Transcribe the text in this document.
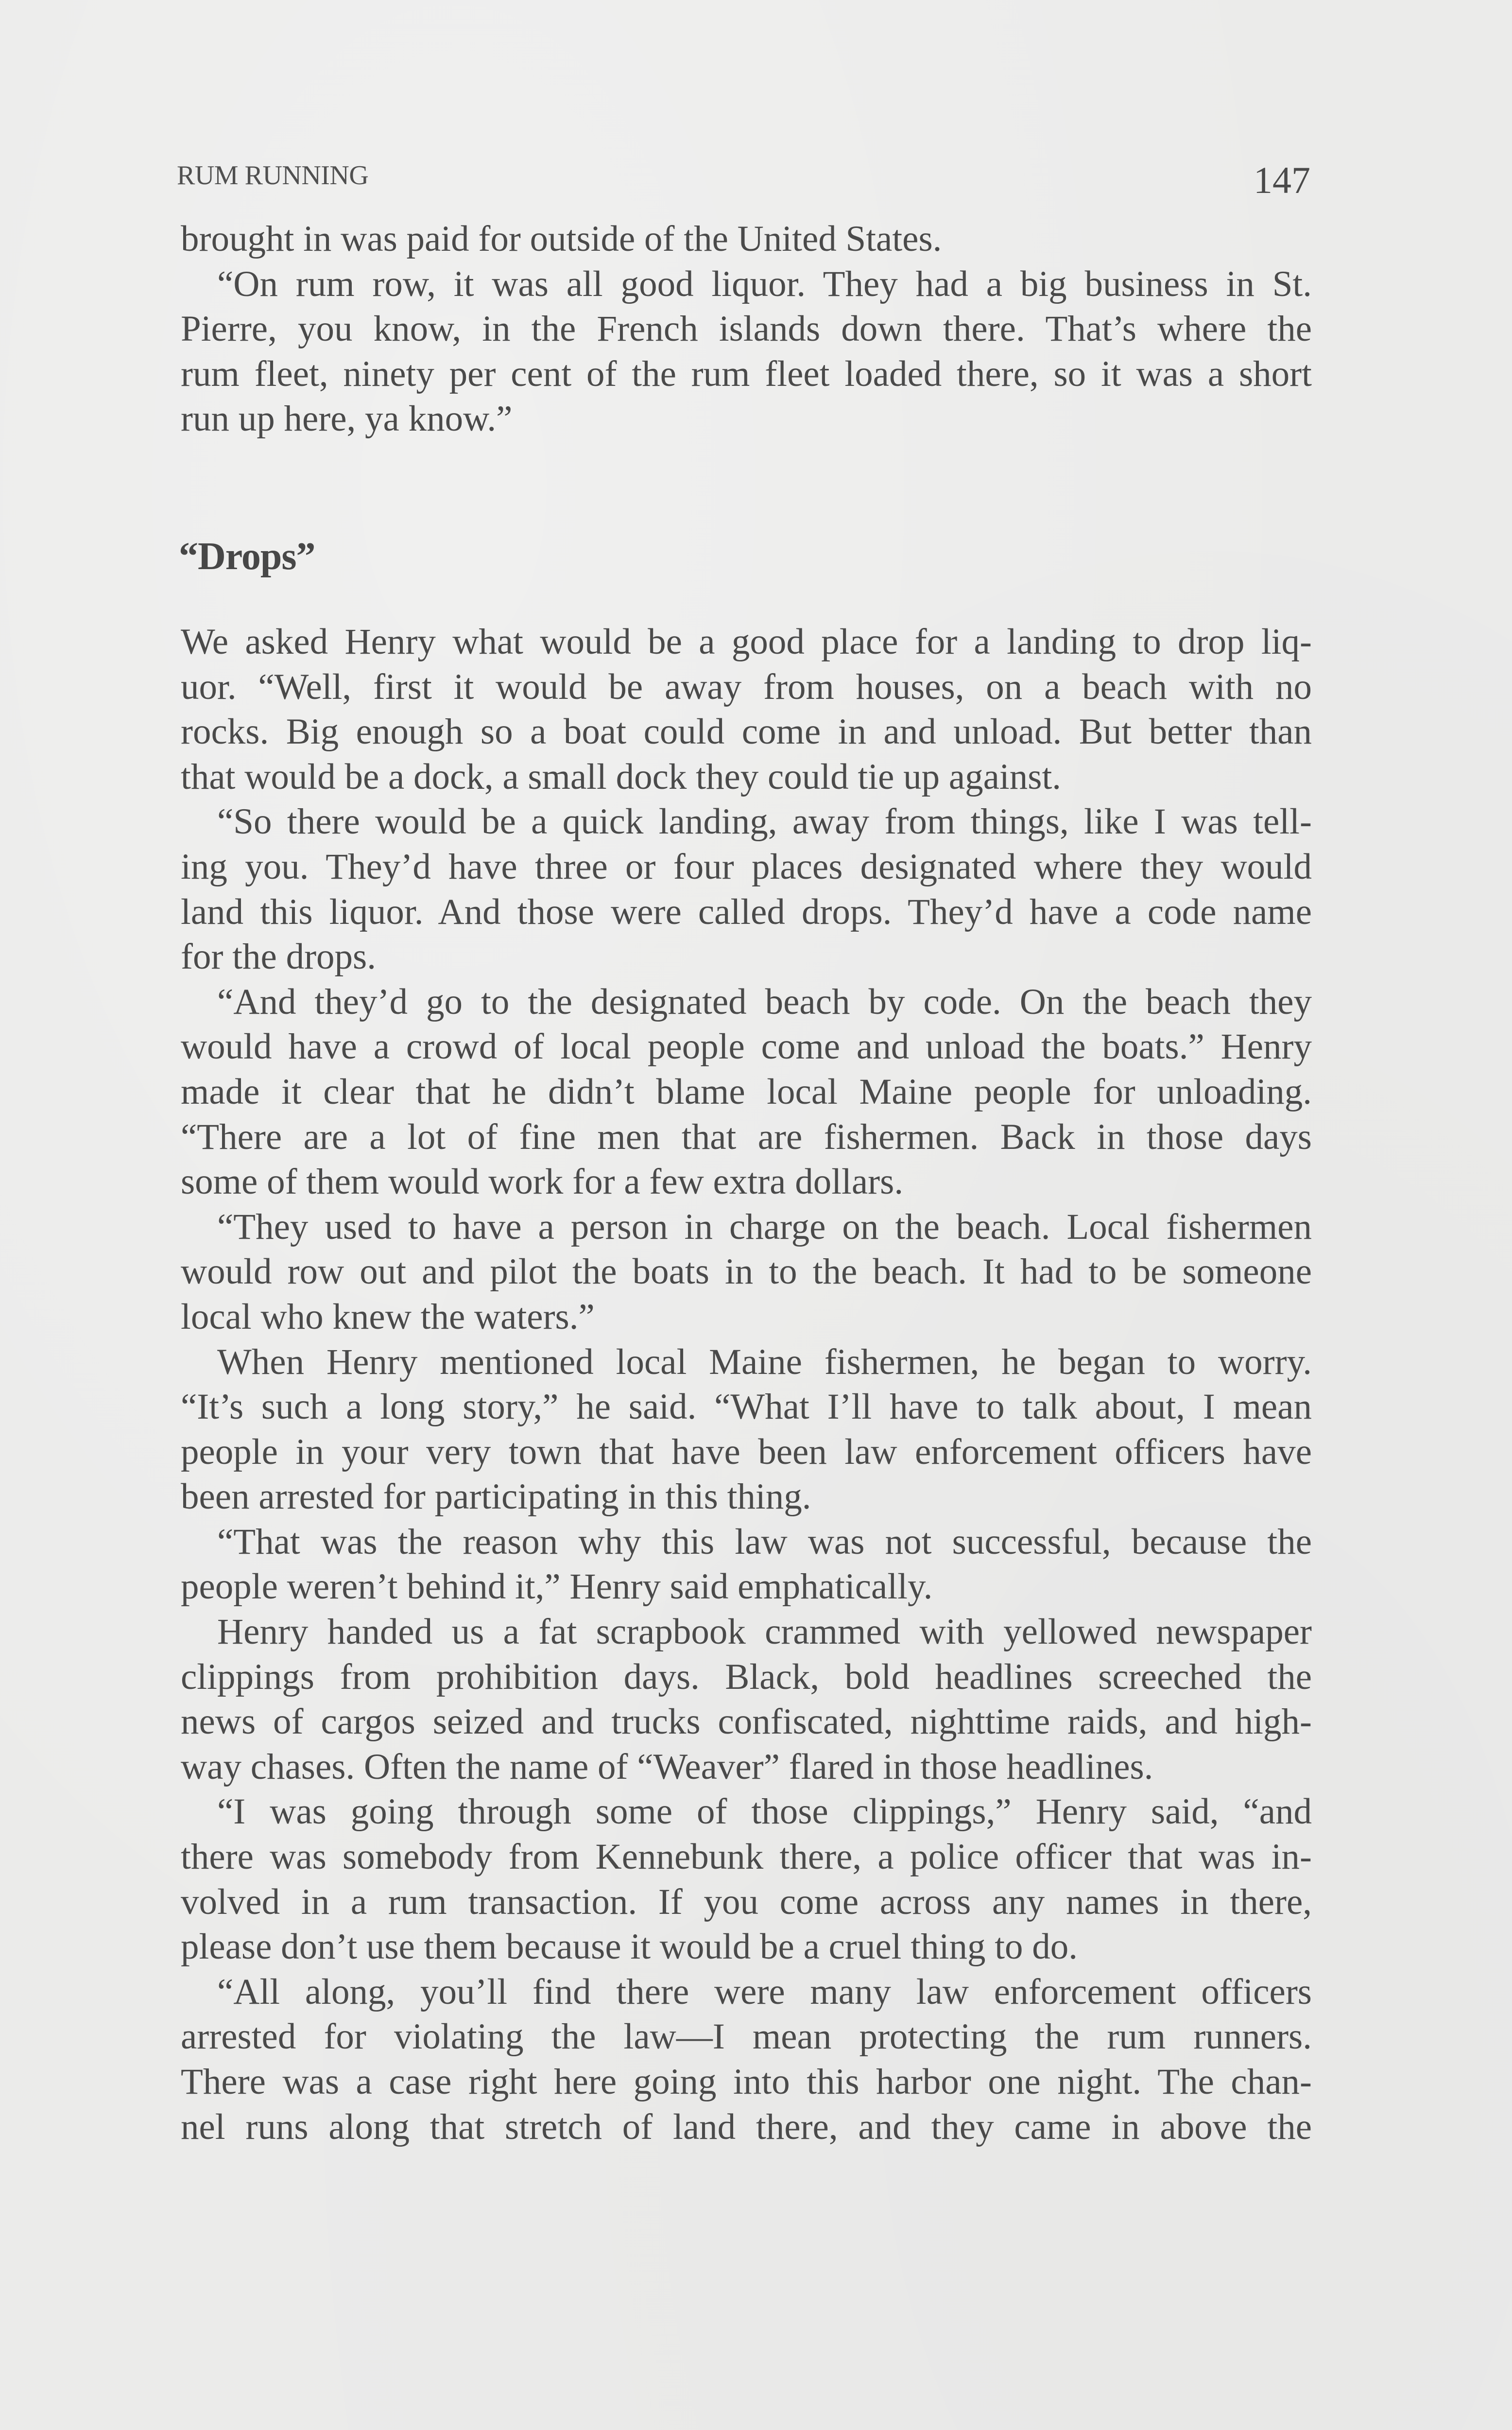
RUM RUNNING	147
brought in was paid for outside of the United States.
“On rum row, it was all good liquor. They had a big business in St.
Pierre, you know, in the French islands down there. That’s where the
rum fleet, ninety per cent of the rum fleet loaded there, so it was a short
run up here, ya know.”
“Drops”
We asked Henry what would be a good place for a landing to drop liq-
uor. “Well, first it would be away from houses, on a beach with no
rocks. Big enough so a boat could come in and unload. But better than
that would be a dock, a small dock they could tie up against.
“So there would be a quick landing, away from things, like I was tell-
ing you. They’d have three or four places designated where they would
land this liquor. And those were called drops. They’d have a code name
for the drops.
“And they’d go to the designated beach by code. On the beach they
would have a crowd of local people come and unload the boats.” Henry
made it clear that he didn’t blame local Maine people for unloading.
“There are a lot of fine men that are fishermen. Back in those days
some of them would work for a few extra dollars.
“They used to have a person in charge on the beach. Local fishermen
would row out and pilot the boats in to the beach. It had to be someone
local who knew the waters.”
When Henry mentioned local Maine fishermen, he began to worry.
“It’s such a long story,” he said. “What I’ll have to talk about, I mean
people in your very town that have been law enforcement officers have
been arrested for participating in this thing.
“That was the reason why this law was not successful, because the
people weren’t behind it,” Henry said emphatically.
Henry handed us a fat scrapbook crammed with yellowed newspaper
clippings from prohibition days. Black, bold headlines screeched the
news of cargos seized and trucks confiscated, nighttime raids, and high-
way chases. Often the name of “Weaver” flared in those headlines.
“I was going through some of those clippings,” Henry said, “and
there was somebody from Kennebunk there, a police officer that was in-
volved in a rum transaction. If you come across any names in there,
please don’t use them because it would be a cruel thing to do.
“All along, you’ll find there were many law enforcement officers
arrested for violating the law—I mean protecting the rum runners.
There was a case right here going into this harbor one night. The chan-
nel runs along that stretch of land there, and they came in above the
